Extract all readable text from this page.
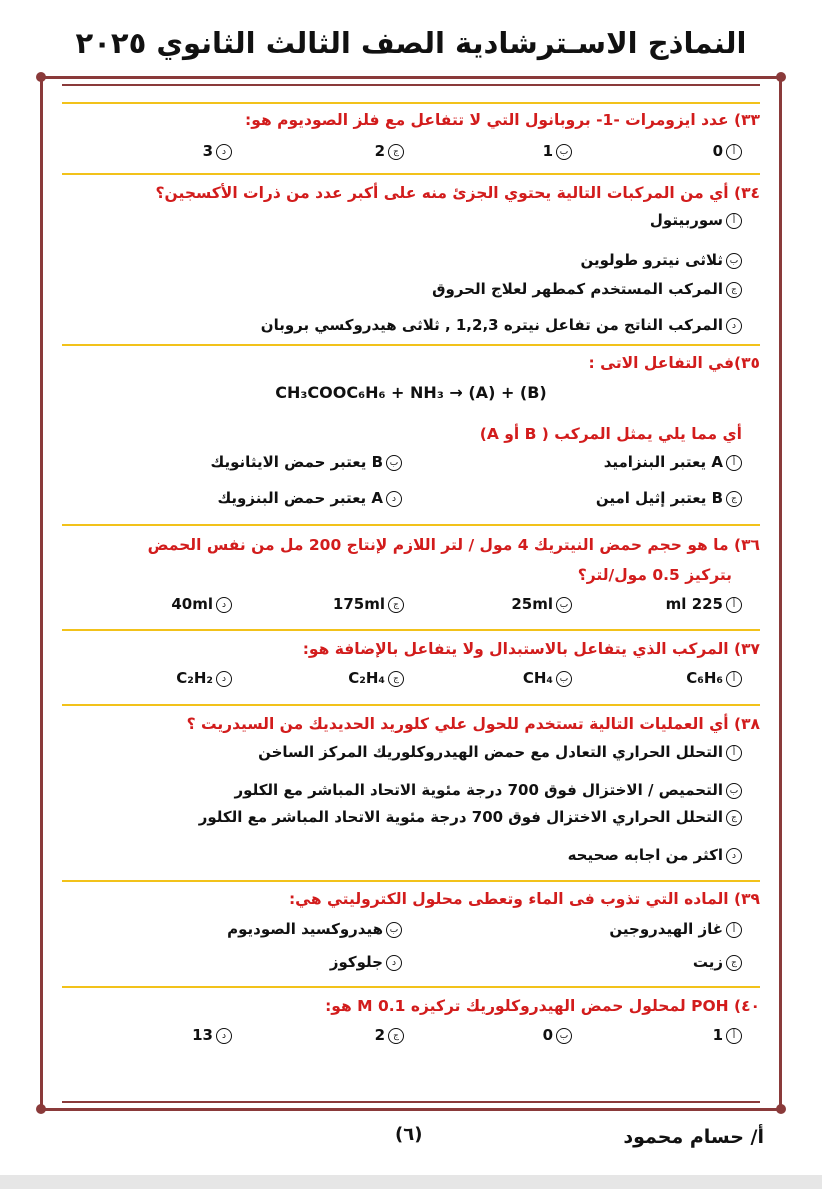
النماذج الاسـترشادية الصف الثالث الثانوي ٢٠٢٥
٣٣) عدد ايزومرات -1- بروبانول التي لا تتفاعل مع فلز الصوديوم هو:
أ0
ب1
ج2
د3
٣٤) أي من المركبات التالية يحتوي الجزئ منه على أكبر عدد من ذرات الأكسجين؟
أسوربيتول
بثلاثى نيترو طولوين
جالمركب المستخدم كمطهر لعلاج الحروق
دالمركب الناتج من تفاعل نيتره 1,2,3 , ثلاثى هيدروكسي بروبان
٣٥)في التفاعل الاتى :
CH₃COOC₆H₆ + NH₃ → (A) + (B)
أي مما يلي يمثل المركب ( B أو A)
أA يعتبر البنزاميد
بB يعتبر حمض الايثانويك
جB يعتبر إثيل امين
دA يعتبر حمض البنزويك
٣٦) ما هو حجم حمض النيتريك 4 مول / لتر اللازم لإنتاج 200 مل من نفس الحمض
بتركيز 0.5 مول/لتر؟
أ225 ml
ب25ml
ج175ml
د40ml
٣٧) المركب الذي يتفاعل بالاستبدال ولا يتفاعل بالإضافة هو:
أC₆H₆
بCH₄
جC₂H₄
دC₂H₂
٣٨) أي العمليات التالية تستخدم للحول علي كلوريد الحديديك من السيدريت ؟
أالتحلل الحراري التعادل مع حمض الهيدروكلوريك المركز الساخن
بالتحميص / الاختزال فوق 700 درجة مئوية الاتحاد المباشر مع الكلور
جالتحلل الحراري الاختزال فوق 700 درجة مئوية الاتحاد المباشر مع الكلور
داكثر من اجابه صحيحه
٣٩) الماده التي تذوب فى الماء وتعطى محلول الكتروليتي هي:
أغاز الهيدروجين
بهيدروكسيد الصوديوم
جزيت
دجلوكوز
٤٠) POH لمحلول حمض الهيدروكلوريك تركيزه 0.1 M هو:
أ1
ب0
ج2
د13
أ/ حسام محمود
(٦)
